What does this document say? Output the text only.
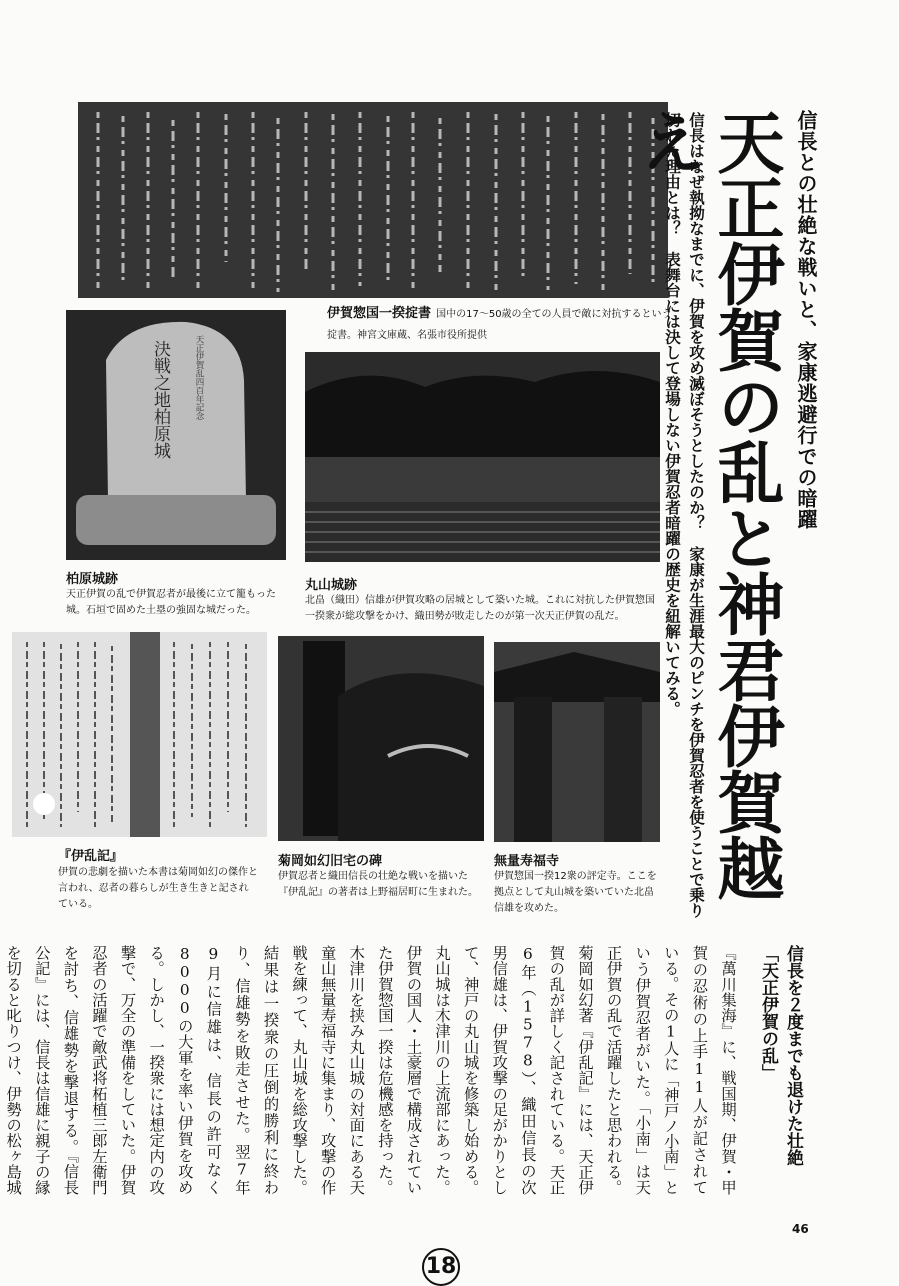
伊賀惣国一揆掟書 国中の17〜50歳の全ての人員で敵に対抗するという掟書。神宮文庫蔵、名張市役所提供
決戦之地柏原城	天正伊賀乱四百年記念
柏原城跡
天正伊賀の乱で伊賀忍者が最後に立て籠もった城。石垣で固めた土塁の強固な城だった。
丸山城跡
北畠（織田）信雄が伊賀攻略の居城として築いた城。これに対抗した伊賀惣国一揆衆が総攻撃をかけ、織田勢が敗走したのが第一次天正伊賀の乱だ。
『伊乱記』
伊賀の悲劇を描いた本書は菊岡如幻の傑作と言われ、忍者の暮らしが生き生きと記されている。
菊岡如幻旧宅の碑
伊賀忍者と織田信長の壮絶な戦いを描いた『伊乱記』の著者は上野福居町に生まれた。
無量寿福寺
伊賀惣国一揆12衆の評定寺。ここを拠点として丸山城を築いていた北畠信雄を攻めた。
信長との壮絶な戦いと、家康逃避行での暗躍
天正伊賀の乱と神君伊賀越え
信長はなぜ執拗なまでに、伊賀を攻め滅ぼそうとしたのか？　家康が生涯最大のピンチを伊賀忍者を使うことで乗り切れた理由とは？　表舞台には決して登場しない伊賀忍者暗躍の歴史を紐解いてみる。
信長を２度までも退けた壮絶「天正伊賀の乱」
『萬川集海』に、戦国期、伊賀・甲賀の忍術の上手11人が記されている。その1人に「神戸ノ小南」という伊賀忍者がいた。「小南」は天正伊賀の乱で活躍したと思われる。菊岡如幻著『伊乱記』には、天正伊賀の乱が詳しく記されている。天正6年（1578）、織田信長の次男信雄は、伊賀攻撃の足がかりとして、神戸の丸山城を修築し始める。丸山城は木津川の上流部にあった。伊賀の国人・土豪層で構成されていた伊賀惣国一揆は危機感を持った。木津川を挟み丸山城の対面にある天童山無量寿福寺に集まり、攻撃の作戦を練って、丸山城を総攻撃した。結果は一揆衆の圧倒的勝利に終わり、信雄勢を敗走させた。翌7年9月に信雄は、信長の許可なく8000の大軍を率い伊賀を攻める。しかし、一揆衆には想定内の攻撃で、万全の準備をしていた。伊賀忍者の活躍で敵武将柘植三郎左衛門を討ち、信雄勢を撃退する。『信長公記』には、信長は信雄に親子の縁を切ると叱りつけ、伊勢の松ヶ島城
46
18
